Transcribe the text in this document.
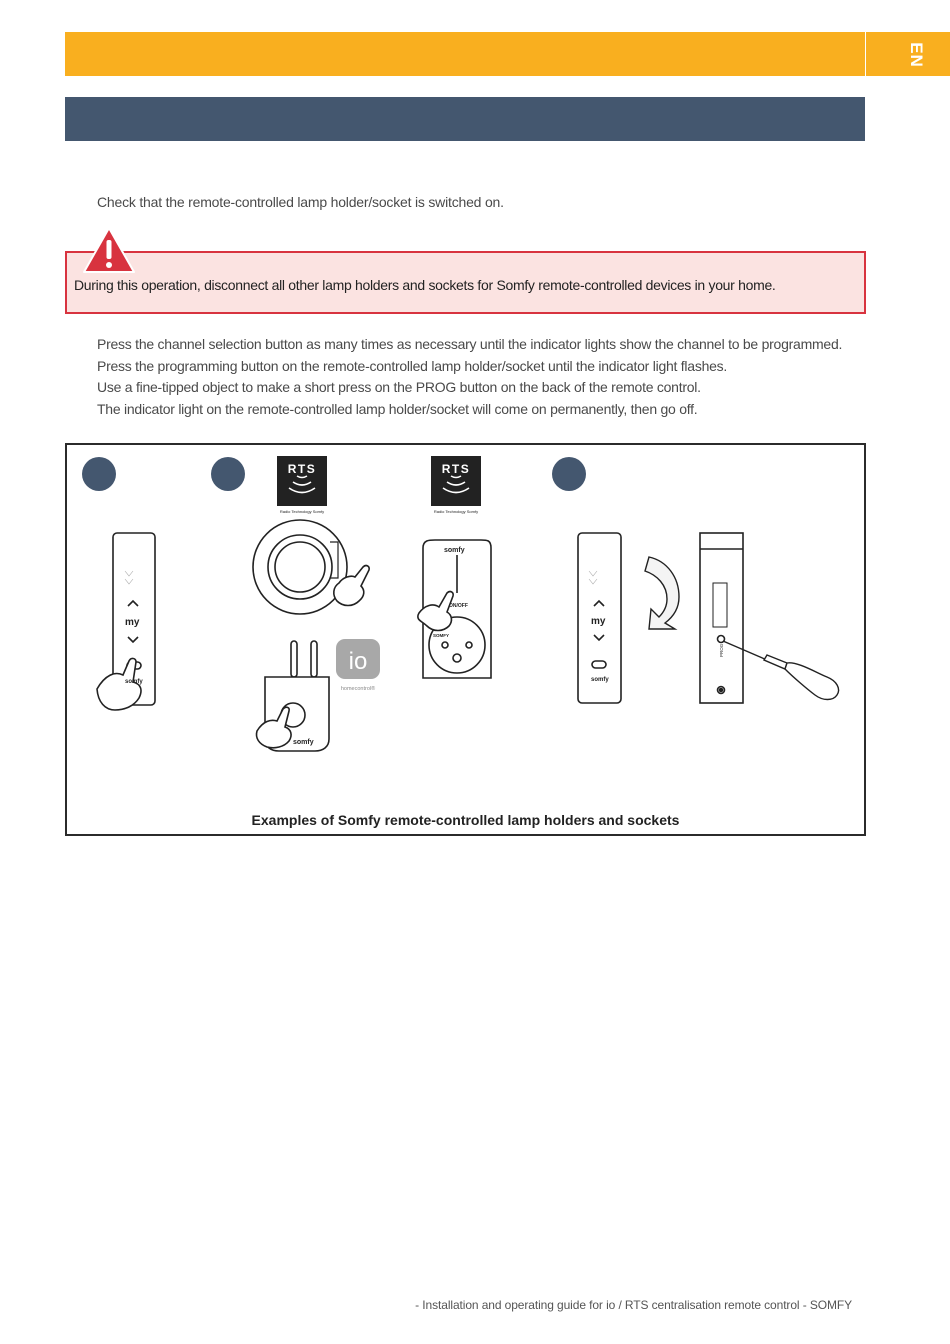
EN

Check that the remote-controlled lamp holder/socket is switched on.

During this operation, disconnect all other lamp holders and sockets for Somfy remote-controlled devices in your home.

Press the channel selection button as many times as necessary until the indicator lights show the channel to be programmed.
Press the programming button on the remote-controlled lamp holder/socket until the indicator light flashes.
Use a fine-tipped object to make a short press on the PROG button on the back of the remote control.
The indicator light on the remote-controlled lamp holder/socket will come on permanently, then go off.
my
somfy
RTS
Radio Technology Somfy
somfy
io
homecontrol®
RTS
Radio Technology Somfy
somfy
ON/OFF
SOMFY
my
somfy
PROG
Examples of Somfy remote-controlled lamp holders and sockets

- Installation and operating guide for io / RTS centralisation remote control - SOMFY
